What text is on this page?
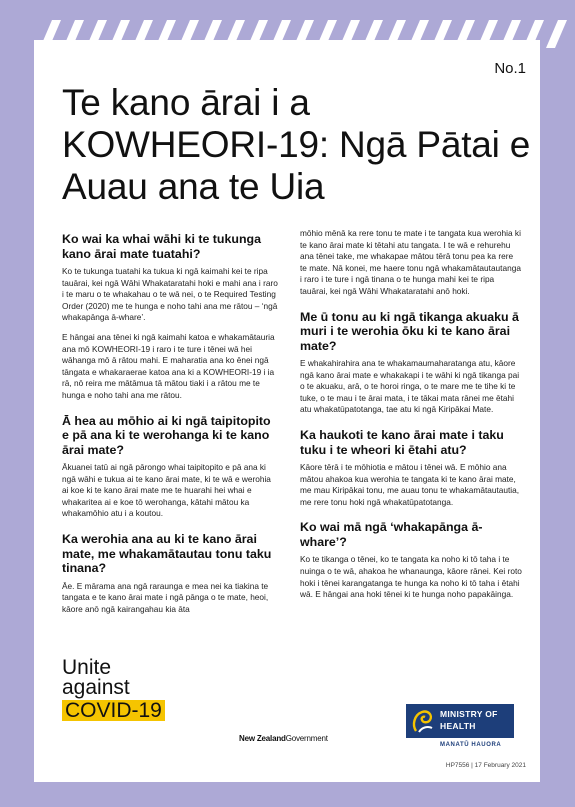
No.1
Te kano ārai i a KOWHEORI-19: Ngā Pātai e Auau ana te Uia
Ko wai ka whai wāhi ki te tukunga kano ārai mate tuatahi?

Ko te tukunga tuatahi ka tukua ki ngā kaimahi kei te ripa tauārai, kei ngā Wāhi Whakataratahi hoki e mahi ana i raro i te maru o te whakahau o te wā nei, o te Required Testing Order (2020) me te hunga e noho tahi ana me rātou – ‘ngā whakapānga ā-whare’.

E hāngai ana tēnei ki ngā kaimahi katoa e whakamātauria ana mō KOWHEORI-19 i raro i te ture i tēnei wā hei wāhanga mō ā rātou mahi. E maharatia ana ko ēnei ngā tāngata e whakaraerae katoa ana ki a KOWHEORI-19 i ia rā, nō reira me mātāmua tā mātou tiaki i a rātou me te hunga e noho tahi ana me rātou.

Ā hea au mōhio ai ki ngā taipitopito e pā ana ki te werohanga ki te kano ārai mate?

Ākuanei tatū ai ngā pārongo whai taipitopito e pā ana ki ngā wāhi e tukua ai te kano ārai mate, ki te wā e werohia ai koe ki te kano ārai mate me te huarahi hei whai e whakaritea ai e koe tō werohanga, kātahi mātou ka whakamōhio atu i a koutou.

Ka werohia ana au ki te kano ārai mate, me whakamātautau tonu taku tinana?

Āe. E mārama ana ngā raraunga e mea nei ka tiakina te tangata e te kano ārai mate i ngā pānga o te mate, heoi, kāore anō ngā kairangahau kia āta

mōhio mēnā ka rere tonu te mate i te tangata kua werohia ki te kano ārai mate ki tētahi atu tangata. I te wā e rehurehu ana tēnei take, me whakapae mātou tērā tonu pea ka rere te mate. Nā konei, me haere tonu ngā whakamātautautanga i raro i te ture i ngā tinana o te hunga mahi kei te ripa tauārai, kei ngā Wāhi Whakataratahi anō hoki.

Me ū tonu au ki ngā tikanga akuaku ā muri i te werohia ōku ki te kano ārai mate?

E whakahirahira ana te whakamaumaharatanga atu, kāore ngā kano ārai mate e whakakapi i te wāhi ki ngā tikanga pai o te akuaku, arā, o te horoi ringa, o te mare me te tihe ki te tuke, o te mau i te ārai mata, i te tākai mata rānei me ētahi atu whakatūpatotanga, tae atu ki ngā Kiripākai Mate.

Ka haukoti te kano ārai mate i taku tuku i te wheori ki ētahi atu?

Kāore tērā i te mōhiotia e mātou i tēnei wā. E mōhio ana mātou ahakoa kua werohia te tangata ki te kano ārai mate, me mau Kiripākai tonu, me auau tonu te whakamātautautia, me rere tonu hoki ngā whakatūpatotanga.

Ko wai mā ngā ‘whakapānga ā-whare’?

Ko te tikanga o tēnei, ko te tangata ka noho ki tō taha i te nuinga o te wā, ahakoa he whanaunga, kāore rānei. Kei roto hoki i tēnei karangatanga te hunga ka noho ki tō taha i ētahi wā. E hāngai ana hoki tēnei ki te hunga noho papakāinga.

Unite
against
COVID-19
New ZealandGovernment
MINISTRY OF
HEALTH
MANATŪ HAUORA
HP7556 | 17 February 2021
